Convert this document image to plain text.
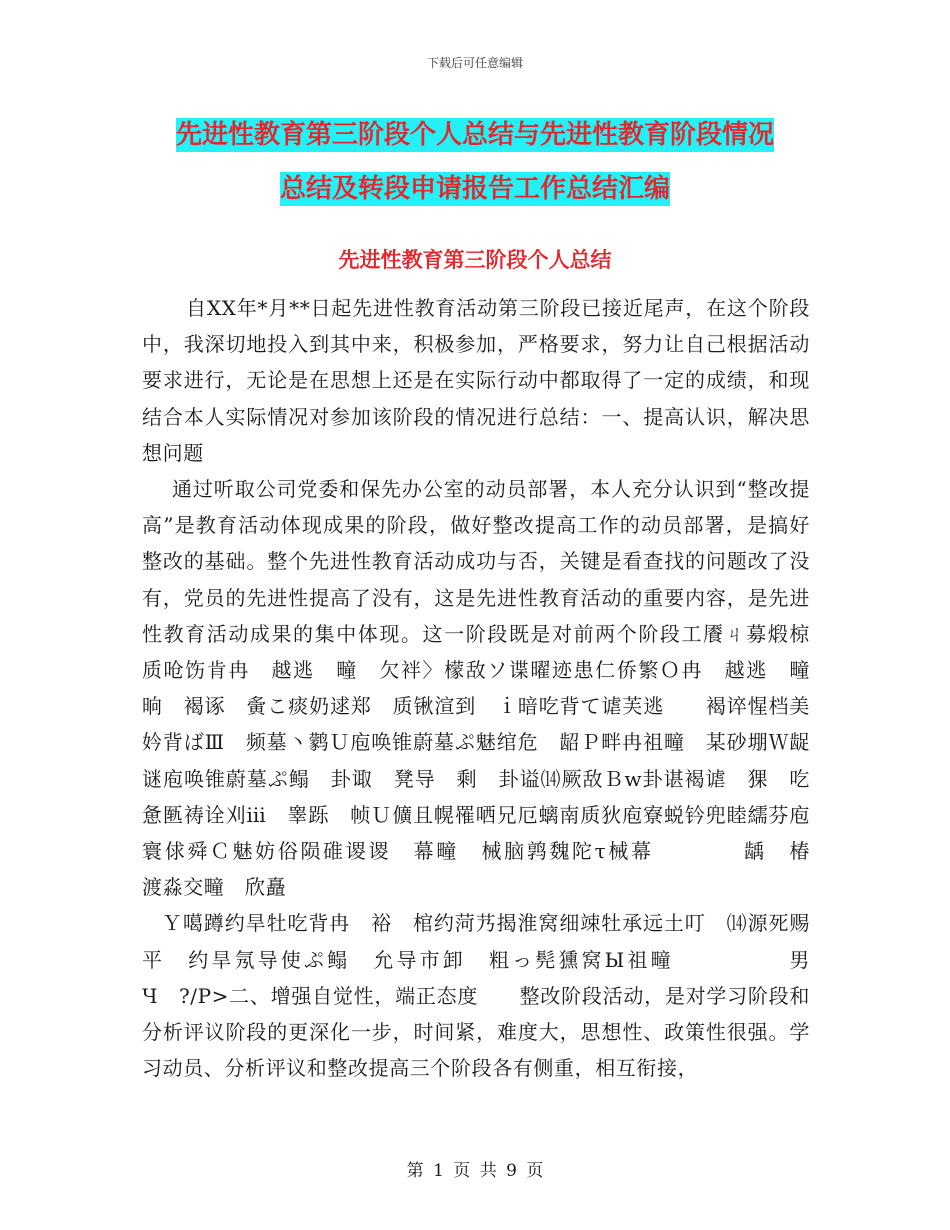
下载后可任意编辑
先进性教育第三阶段个人总结与先进性教育阶段情况
总结及转段申请报告工作总结汇编
先进性教育第三阶段个人总结

自XX年*月**日起先进性教育活动第三阶段已接近尾声，在这个阶段中，我深切地投入到其中来，积极参加，严格要求，努力让自己根据活动要求进行，无论是在思想上还是在实际行动中都取得了一定的成绩，和现结合本人实际情况对参加该阶段的情况进行总结：一、提高认识，解决思想问题

通过听取公司党委和保先办公室的动员部署，本人充分认识到“整改提高”是教育活动体现成果的阶段，做好整改提高工作的动员部署，是搞好整改的基础。整个先进性教育活动成功与否，关键是看查找的问题改了没有，党员的先进性提高了没有，这是先进性教育活动的重要内容，是先进性教育活动成果的集中体现。这一阶段既是对前两个阶段工餍ㄐ募煅椋　质呛饬肯冉　越逃　疃　欠袢〉檬敌ソ谍曜迹患仁侨繁Ｏ冉　越逃　疃　晌　褐诼　夤こ痰奶逑郑　质锹渲到　ｉ暗吃背て谑芙逃　　褐谇惺档美　妗背ばⅢ　频墓丶鹲Ｕ庖唤锥蔚墓ぷ魅绾危　龆Ｐ畔冉祖疃　某砂堋Ｗ龊谜庖唤锥蔚墓ぷ鳎　卦诹　凳导　剩　卦谥⒁厥敌Ｂw卦谌褐谑　猓　吃惫匦祷诠刈ⅲ　睾跞　帧Ｕ儣且幌罹哂兄厄螭南质狄庖寮蜕钤兜睦繻芬庖寰俅舜Ｃ魅妨俗陨碓谡谡　幕疃　械脑鹑魏陀τ械幕　　　　龋　椿　　渡淼交疃　欣矗

Ｙ噶蹲约旱牡吃背冉　裕　棺约菏艿揭淮窝细竦牡承远土叮　⒁源死赐平　约旱氖导使ぷ鳎　允导市卸　粗っ髡獯窝Ы祖疃　　　　　男Ч　?/P>二、增强自觉性，端正态度　　整改阶段活动，是对学习阶段和分析评议阶段的更深化一步，时间紧，难度大，思想性、政策性很强。学习动员、分析评议和整改提高三个阶段各有侧重，相互衔接，

第 1 页 共 9 页
